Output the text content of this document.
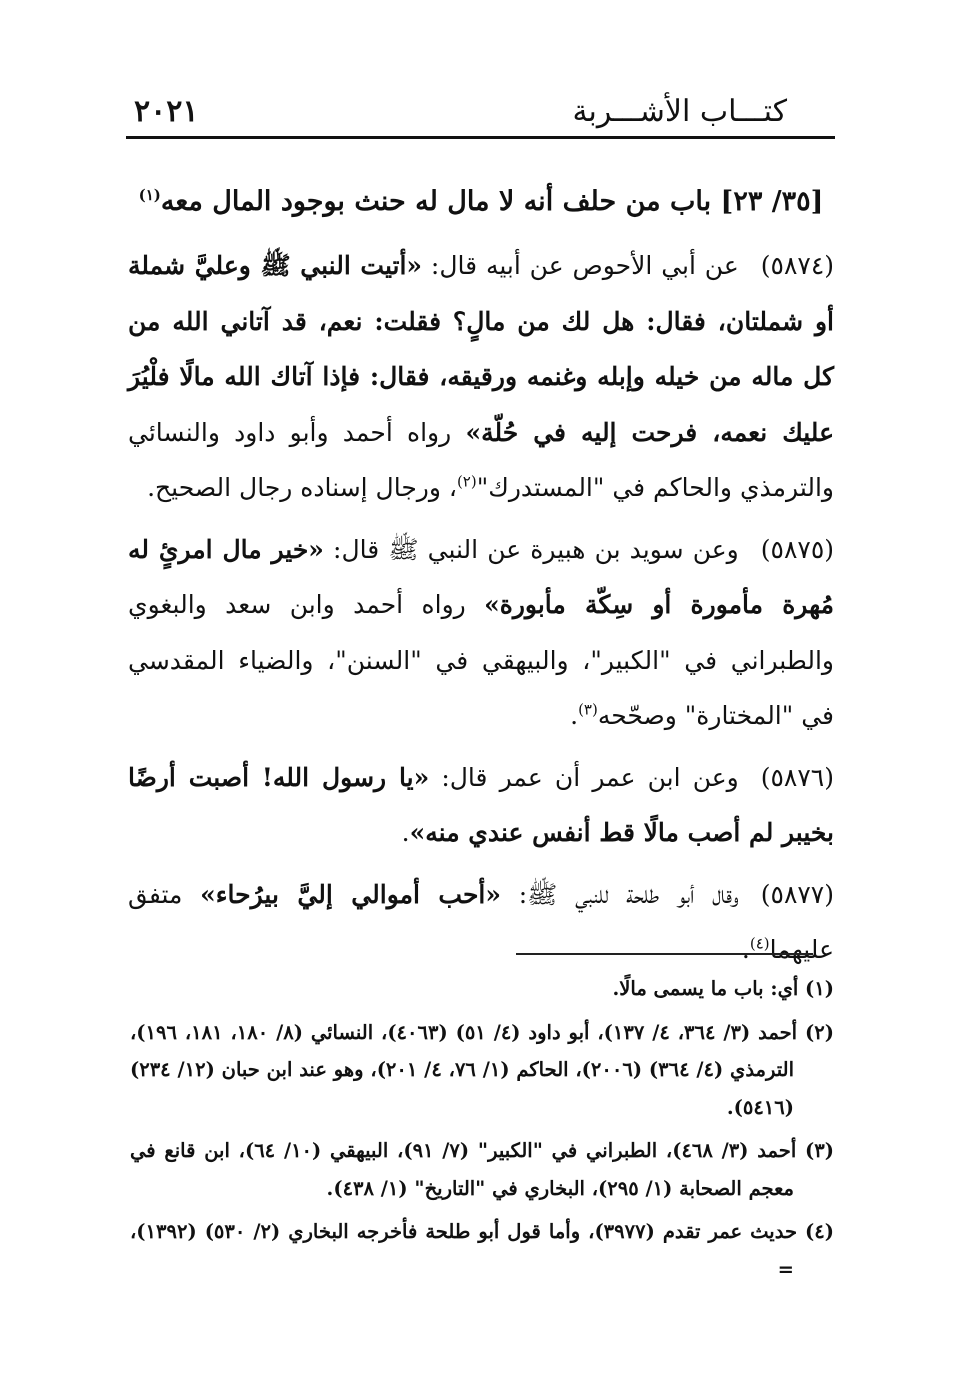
كتـــاب الأشـــربة
٢٠٢١
[٣٥/ ٢٣] باب من حلف أنه لا مال له حنث بوجود المال معه$^{(١)}$

(٥٨٧٤)عن أبي الأحوص عن أبيه قال: «أتيت النبي ﷺ وعليَّ شملة أو شملتان، فقال: هل لك من مالٍ؟ فقلت: نعم، قد آتاني الله من كل ماله من خيله وإبله وغنمه ورقيقه، فقال: فإذا آتاك الله مالًا فلْيُرَ عليك نعمه، فرحت إليه في حُلّة» رواه أحمد وأبو داود والنسائي والترمذي والحاكم في "المستدرك"$^{(٢)}$، ورجال إسناده رجال الصحيح.

(٥٨٧٥)وعن سويد بن هبيرة عن النبي ﷺ قال: «خير مال امرئٍ له مُهرة مأمورة أو سِكّة مأبورة» رواه أحمد وابن سعد والبغوي والطبراني في "الكبير"، والبيهقي في "السنن"، والضياء المقدسي في "المختارة" وصحّحه$^{(٣)}$.

(٥٨٧٦)وعن ابن عمر أن عمر قال: «يا رسول الله! أصبت أرضًا بخيبر لم أصب مالًا قط أنفس عندي منه».

(٥٨٧٧)وقال أبو طلحة للنبي ﷺ: «أحب أموالي إليَّ بيرُحاء» متفق عليهما$^{(٤)}$.

(١) أي: باب ما يسمى مالًا.

(٢) أحمد (٣/ ٣٦٤، ٤/ ١٣٧)، أبو داود (٤/ ٥١) (٤٠٦٣)، النسائي (٨/ ١٨٠، ١٨١، ١٩٦)، الترمذي (٤/ ٣٦٤) (٢٠٠٦)، الحاكم (١/ ٧٦، ٤/ ٢٠١)، وهو عند ابن حبان (١٢/ ٢٣٤) (٥٤١٦).

(٣) أحمد (٣/ ٤٦٨)، الطبراني في "الكبير" (٧/ ٩١)، البيهقي (١٠/ ٦٤)، ابن قانع في معجم الصحابة (١/ ٢٩٥)، البخاري في "التاريخ" (١/ ٤٣٨).

(٤) حديث عمر تقدم (٣٩٧٧)، وأما قول أبو طلحة فأخرجه البخاري (٢/ ٥٣٠) (١٣٩٢)، =
